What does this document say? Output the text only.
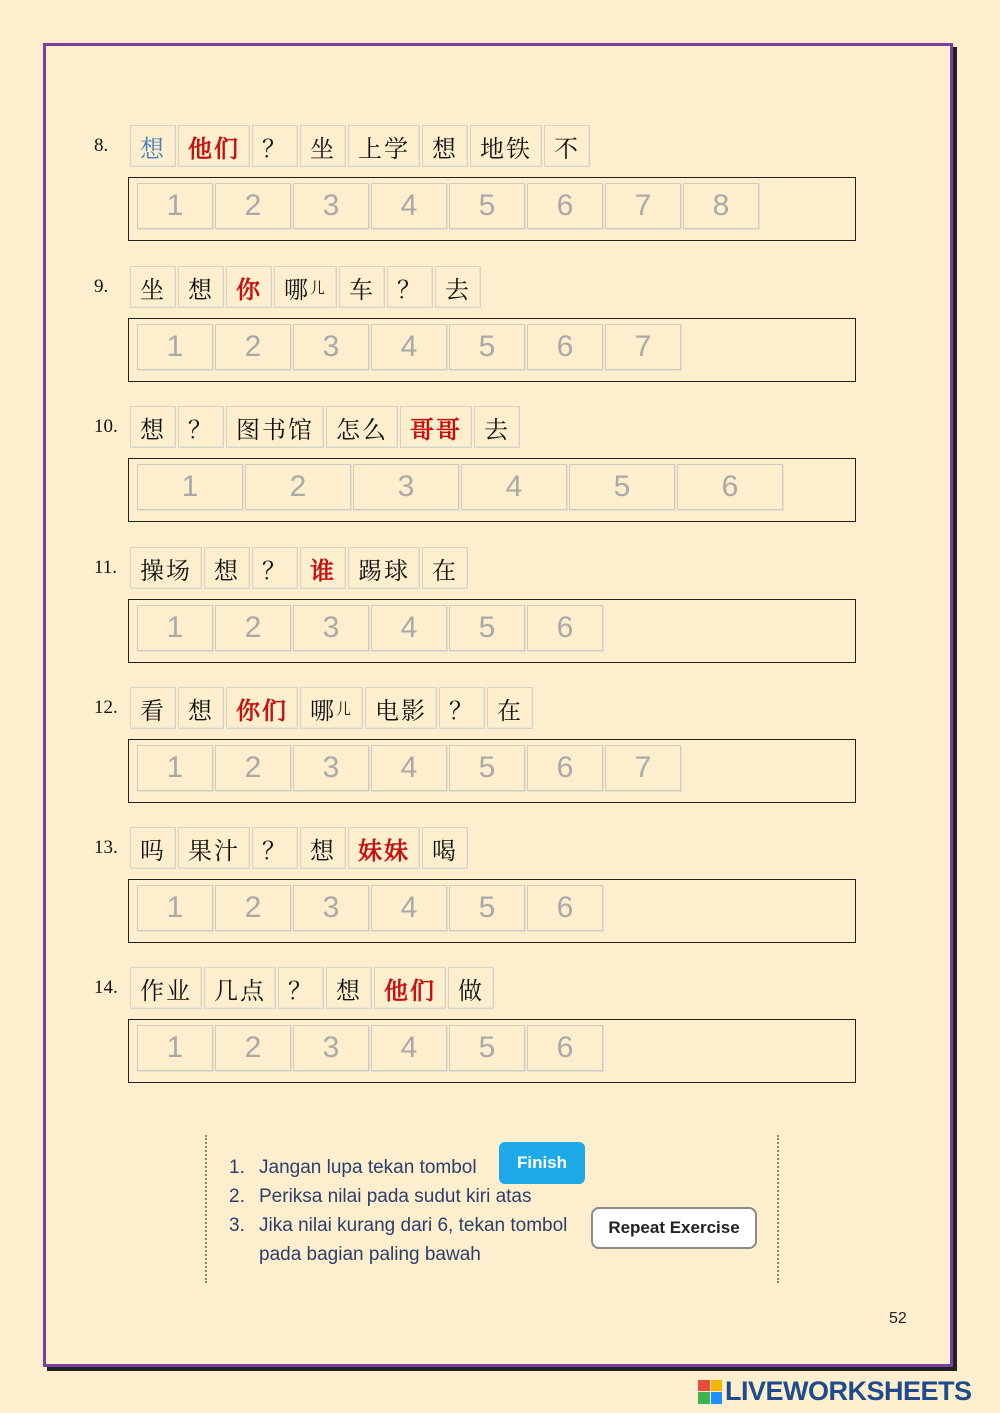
8. 想 他们 ？ 坐 上学 想 地铁 不
1	2	3	4	5	6	7	8
9. 坐 想 你 哪 儿 车 ？ 去
1	2	3	4	5	6	7
10. 想 ？ 图书馆 怎么 哥哥 去
1	2	3	4	5	6
11. 操场 想 ？ 谁 踢球 在
1	2	3	4	5	6
12. 看 想 你们 哪 儿 电影 ？ 在
1	2	3	4	5	6	7
13. 吗 果汁 ？ 想 妹妹 喝
1	2	3	4	5	6
14. 作业 几点 ？ 想 他们 做
1	2	3	4	5	6
1. Jangan lupa tekan tombol
2. Periksa nilai pada sudut kiri atas
3. Jika nilai kurang dari 6, tekan tombol
pada bagian paling bawah
Finish
Repeat Exercise
52
LIVEWORKSHEETS
